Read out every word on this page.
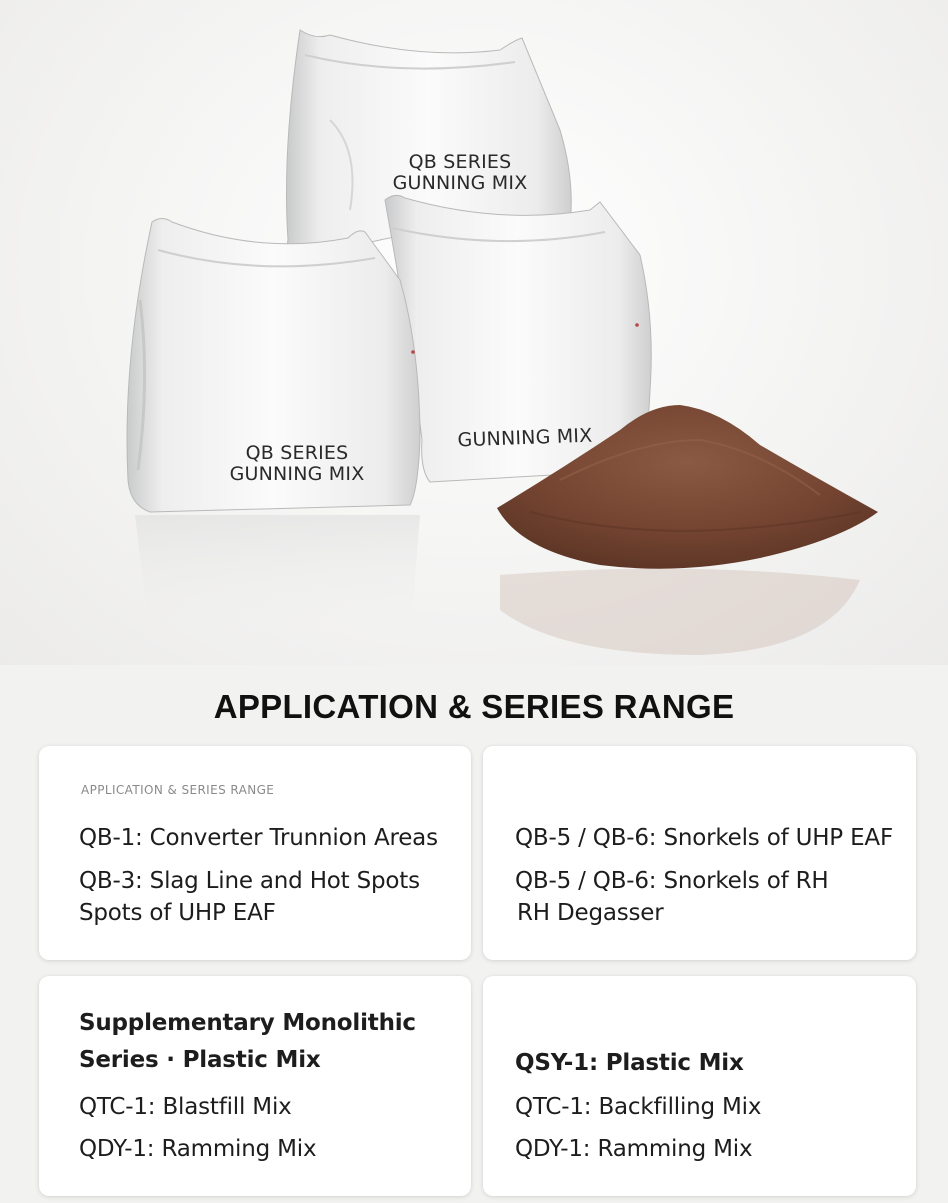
QB SERIES
GUNNING MIX
QB SERIES
GUNNING MIX
GUNNING MIX
APPLICATION & SERIES RANGE
APPLICATION & SERIES RANGE
QB-1: Converter Trunnion Areas
QB-3: Slag Line and Hot Spots
Spots of UHP EAF
QB-5 / QB-6: Snorkels of UHP EAF
QB-5 / QB-6: Snorkels of RH
RH Degasser
Supplementary Monolithic
Series · Plastic Mix
QTC-1: Blastfill Mix
QDY-1: Ramming Mix
QSY-1: Plastic Mix
QTC-1: Backfilling Mix
QDY-1: Ramming Mix
